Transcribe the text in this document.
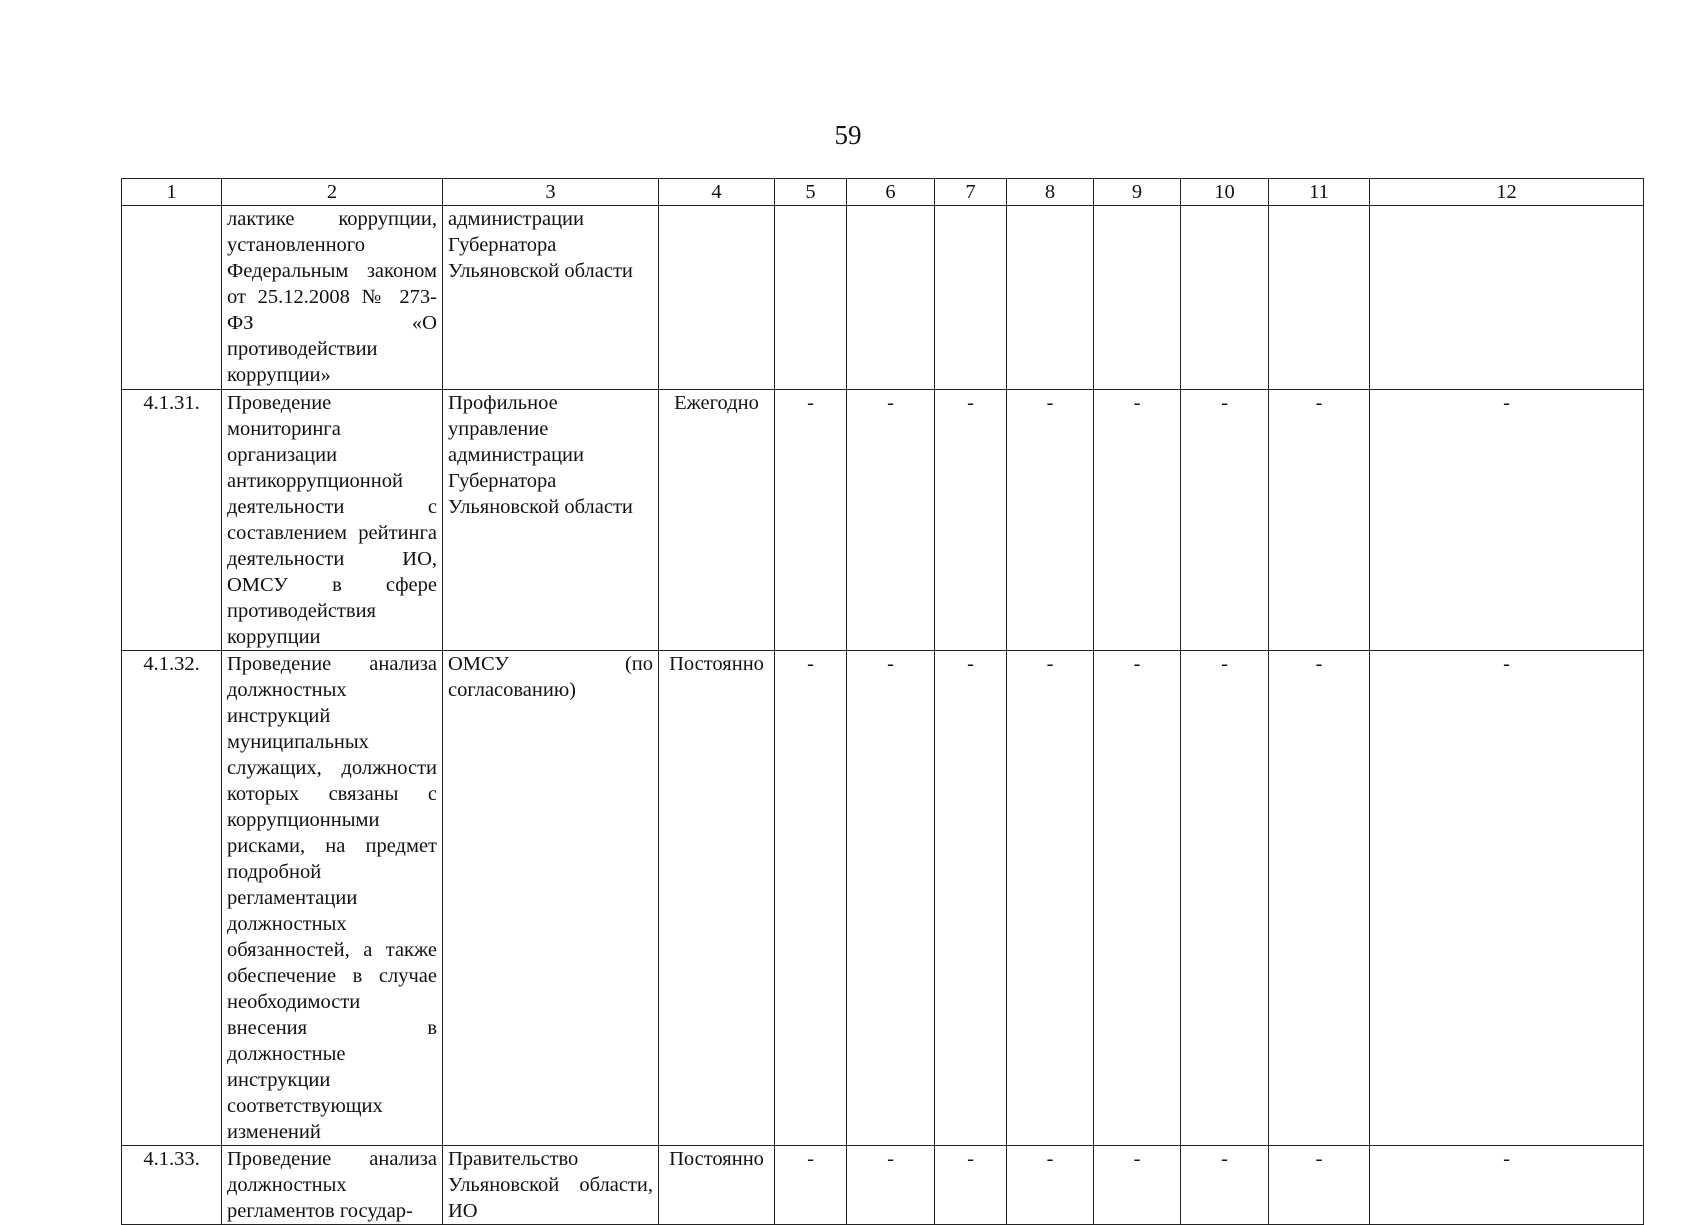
59
1	2	3	4	5	6	7	8	9	10	11	12
	лактике коррупции, установленного Федеральным законом от 25.12.2008 № 273-ФЗ «О противодействии коррупции»	администрации Губернатора Ульяновской области									
4.1.31.	Проведение мониторинга организации антикоррупционной деятельности с составлением рейтинга деятельности ИО, ОМСУ в сфере противодействия коррупции	Профильное управление администрации Губернатора Ульяновской области	Ежегодно	-	-	-	-	-	-	-	-
4.1.32.	Проведение анализа должностных инструкций муниципальных служащих, должности которых связаны с коррупционными рисками, на предмет подробной регламентации должностных обязанностей, а также обеспечение в случае необходимости внесения в должностные инструкции соответствующих изменений	ОМСУ (по согласованию)	Постоянно	-	-	-	-	-	-	-	-
4.1.33.	Проведение анализа должностных регламентов государ-	Правительство Ульяновской области, ИО	Постоянно	-	-	-	-	-	-	-	-
